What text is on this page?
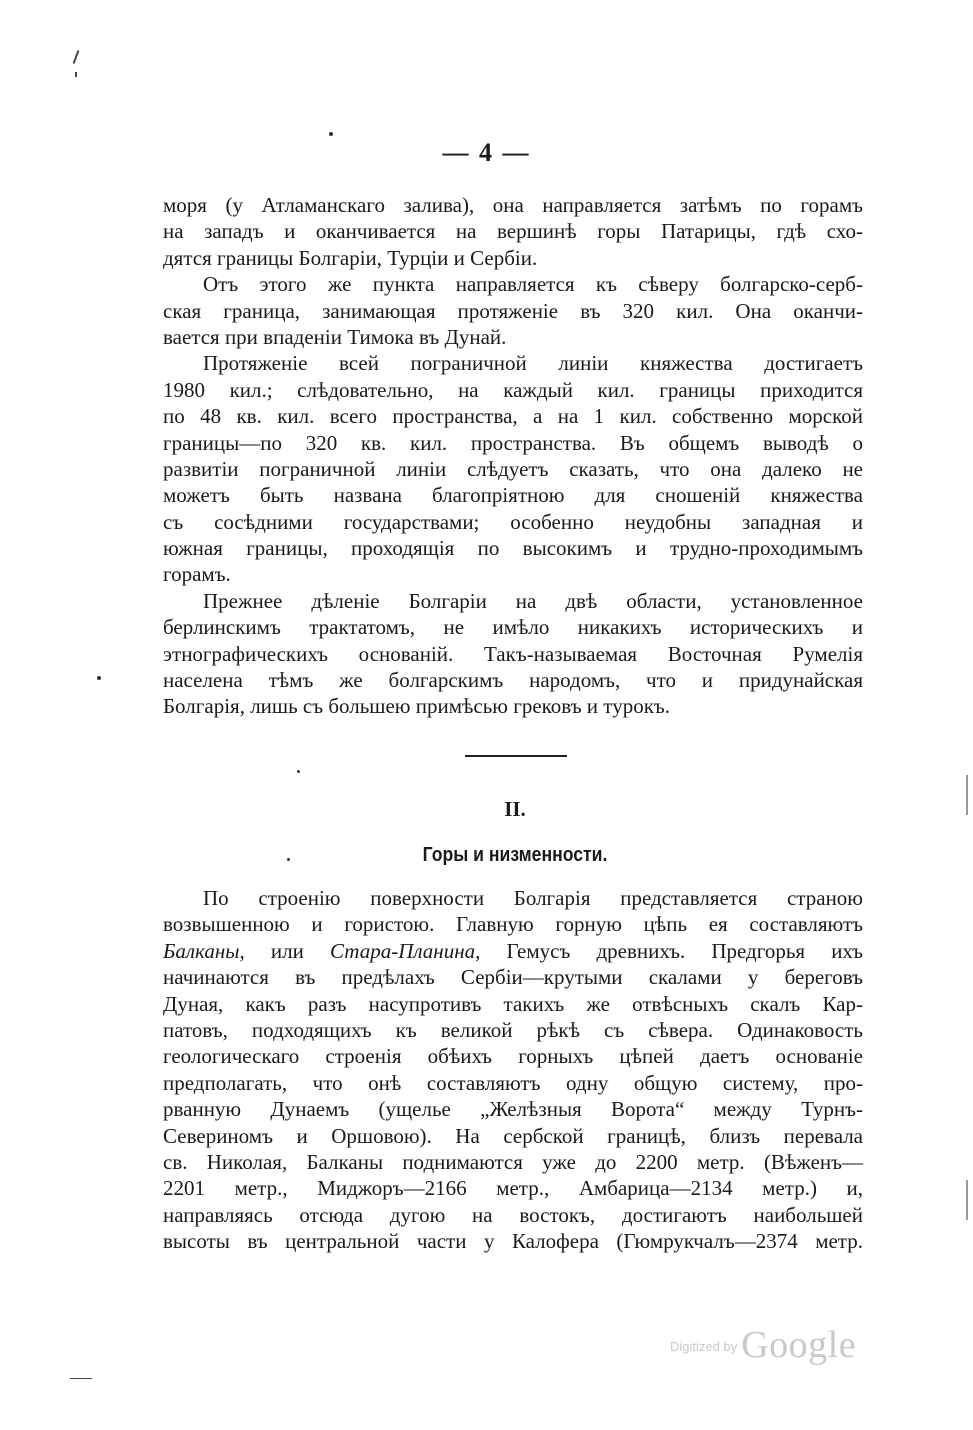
— 4 —
моря (у Атламанскаго залива), она направляется затѣмъ по горамъ
на западъ и оканчивается на вершинѣ горы Патарицы, гдѣ схо-
дятся границы Болгаріи, Турціи и Сербіи.
Отъ этого же пункта направляется къ сѣверу болгарско-серб-
ская граница, занимающая протяженіе въ 320 кил. Она оканчи-
вается при впаденіи Тимока въ Дунай.
Протяженіе всей пограничной линіи княжества достигаетъ
1980 кил.; слѣдовательно, на каждый кил. границы приходится
по 48 кв. кил. всего пространства, а на 1 кил. собственно морской
границы—по 320 кв. кил. пространства. Въ общемъ выводѣ о
развитіи пограничной линіи слѣдуетъ сказать, что она далеко не
можетъ быть названа благопріятною для сношеній княжества
съ сосѣдними государствами; особенно неудобны западная и
южная границы, проходящія по высокимъ и трудно-проходимымъ
горамъ.
Прежнее дѣленіе Болгаріи на двѣ области, установленное
берлинскимъ трактатомъ, не имѣло никакихъ историческихъ и
этнографическихъ основаній. Такъ-называемая Восточная Румелія
населена тѣмъ же болгарскимъ народомъ, что и придунайская
Болгарія, лишь съ большею примѣсью грековъ и турокъ.
II.
Горы и низменности.
По строенію поверхности Болгарія представляется страною
возвышенною и гористою. Главную горную цѣпь ея составляютъ
Балканы, или Стара-Планина, Гемусъ древнихъ. Предгорья ихъ
начинаются въ предѣлахъ Сербіи—крутыми скалами у береговъ
Дуная, какъ разъ насупротивъ такихъ же отвѣсныхъ скалъ Кар-
патовъ, подходящихъ къ великой рѣкѣ съ сѣвера. Одинаковость
геологическаго строенія обѣихъ горныхъ цѣпей даетъ основаніе
предполагать, что онѣ составляютъ одну общую систему, про-
рванную Дунаемъ (ущелье „Желѣзныя Ворота“ между Турнъ-
Севериномъ и Оршовою). На сербской границѣ, близъ перевала
св. Николая, Балканы поднимаются уже до 2200 метр. (Вѣженъ—
2201 метр., Миджоръ—2166 метр., Амбарица—2134 метр.) и,
направляясь отсюда дугою на востокъ, достигаютъ наибольшей
высоты въ центральной части у Калофера (Гюмрукчалъ—2374 метр.
$^{Digitized by}$ Google
